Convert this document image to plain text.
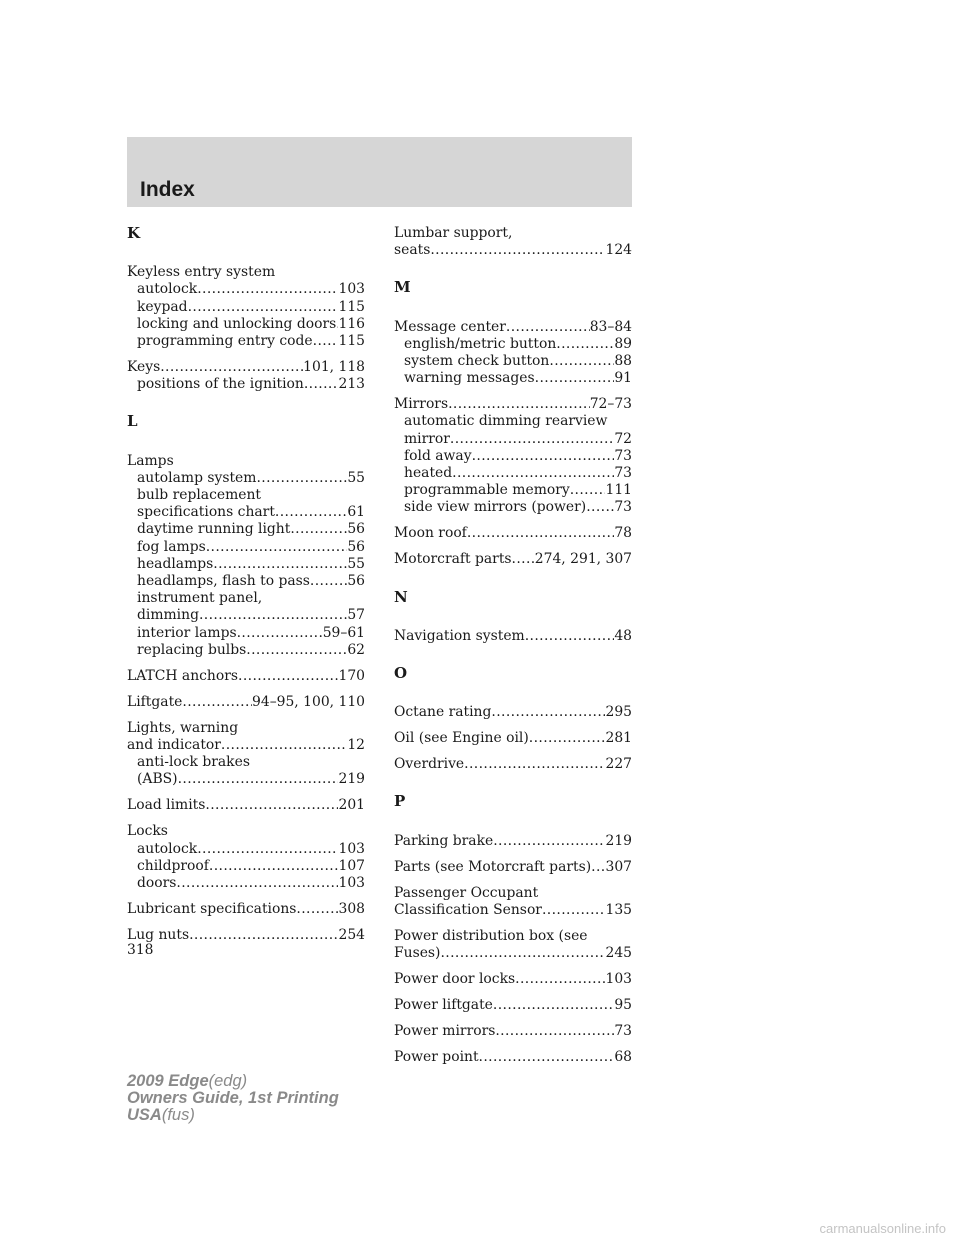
Index
K
Keyless entry system
autolock .....	103
keypad .....	115
locking and unlocking doors ..... 116
programming entry code ..... 115
Keys .....	101, 118
positions of the ignition ..... 213
L
Lamps
autolamp system .....	55
bulb replacement
specifications chart .....	61
daytime running light .....	56
fog lamps .....	56
headlamps .....	55
headlamps, flash to pass .....	56
instrument panel,
dimming .....	57
interior lamps .....	59–61
replacing bulbs .....	62
LATCH anchors .....	170
Liftgate .....	94–95, 100, 110
Lights, warning
and indicator .....	12
anti-lock brakes
(ABS) .....	219
Load limits .....	201
Locks
autolock .....	103
childproof .....	107
doors .....	103
Lubricant specifications .....	308
Lug nuts .....	254
Lumbar support,
seats .....	124
M
Message center .....	83–84
english/metric button .....	89
system check button .....	88
warning messages .....	91
Mirrors .....	72–73
automatic dimming rearview
mirror .....	72
fold away .....	73
heated .....	73
programmable memory .....	111
side view mirrors (power) ..... 73
Moon roof .....	78
Motorcraft parts ..... 274, 291, 307
N
Navigation system .....	48
O
Octane rating .....	295
Oil (see Engine oil) .....	281
Overdrive .....	227
P
Parking brake .....	219
Parts (see Motorcraft parts) ..... 307
Passenger Occupant
Classification Sensor .....	135
Power distribution box (see
Fuses) .....	245
Power door locks .....	103
Power liftgate .....	95
Power mirrors .....	73
Power point .....	68
318
2009 Edge(edg)
Owners Guide, 1st Printing
USA(fus)
carmanualsonline.info
